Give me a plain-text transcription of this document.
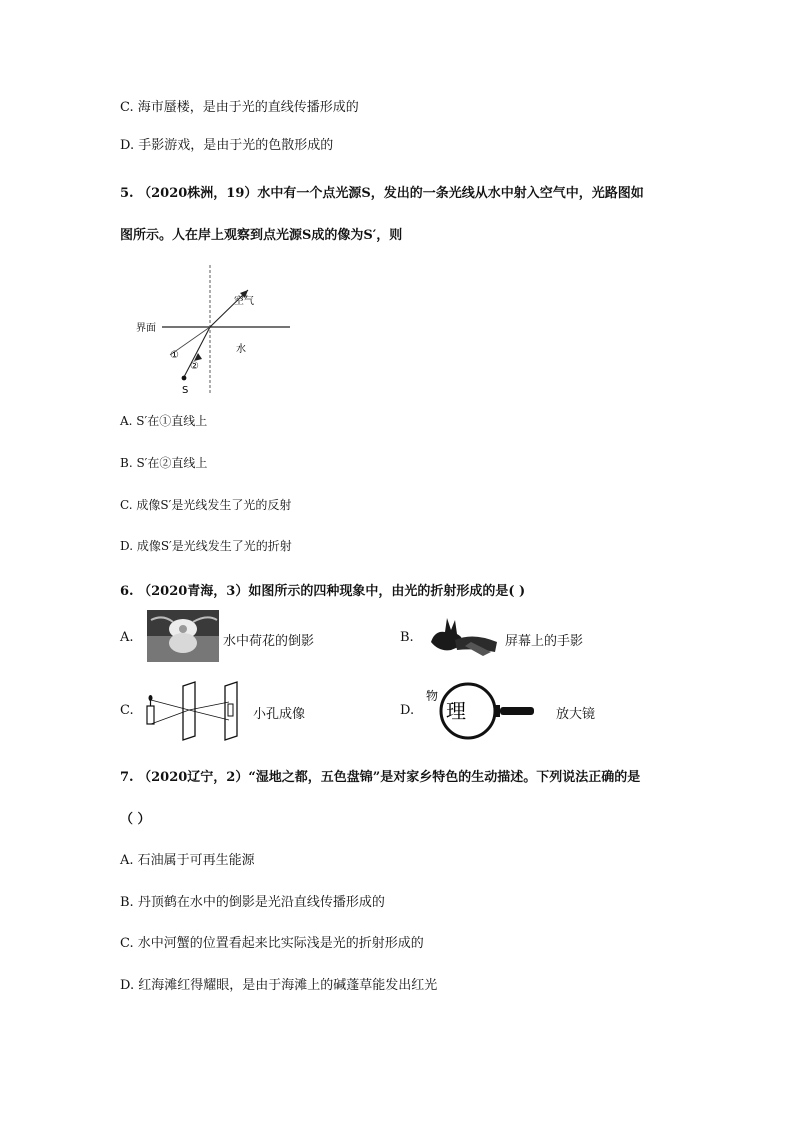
C. 海市蜃楼，是由于光的直线传播形成的
D. 手影游戏，是由于光的色散形成的
5. （2020株洲，19）水中有一个点光源S，发出的一条光线从水中射入空气中，光路图如
图所示。人在岸上观察到点光源S成的像为S′，则
空气
界面
水
①
②
S
A. S′在①直线上
B. S′在②直线上
C. 成像S′是光线发生了光的反射
D. 成像S′是光线发生了光的折射
6. （2020青海，3）如图所示的四种现象中，由光的折射形成的是( )
A.	水中荷花的倒影	B.	屏幕上的手影
C.	小孔成像	D.
物
理	放大镜
7. （2020辽宁，2）“湿地之都，五色盘锦”是对家乡特色的生动描述。下列说法正确的是
（ ）
A. 石油属于可再生能源
B. 丹顶鹤在水中的倒影是光沿直线传播形成的
C. 水中河蟹的位置看起来比实际浅是光的折射形成的
D. 红海滩红得耀眼，是由于海滩上的碱蓬草能发出红光
